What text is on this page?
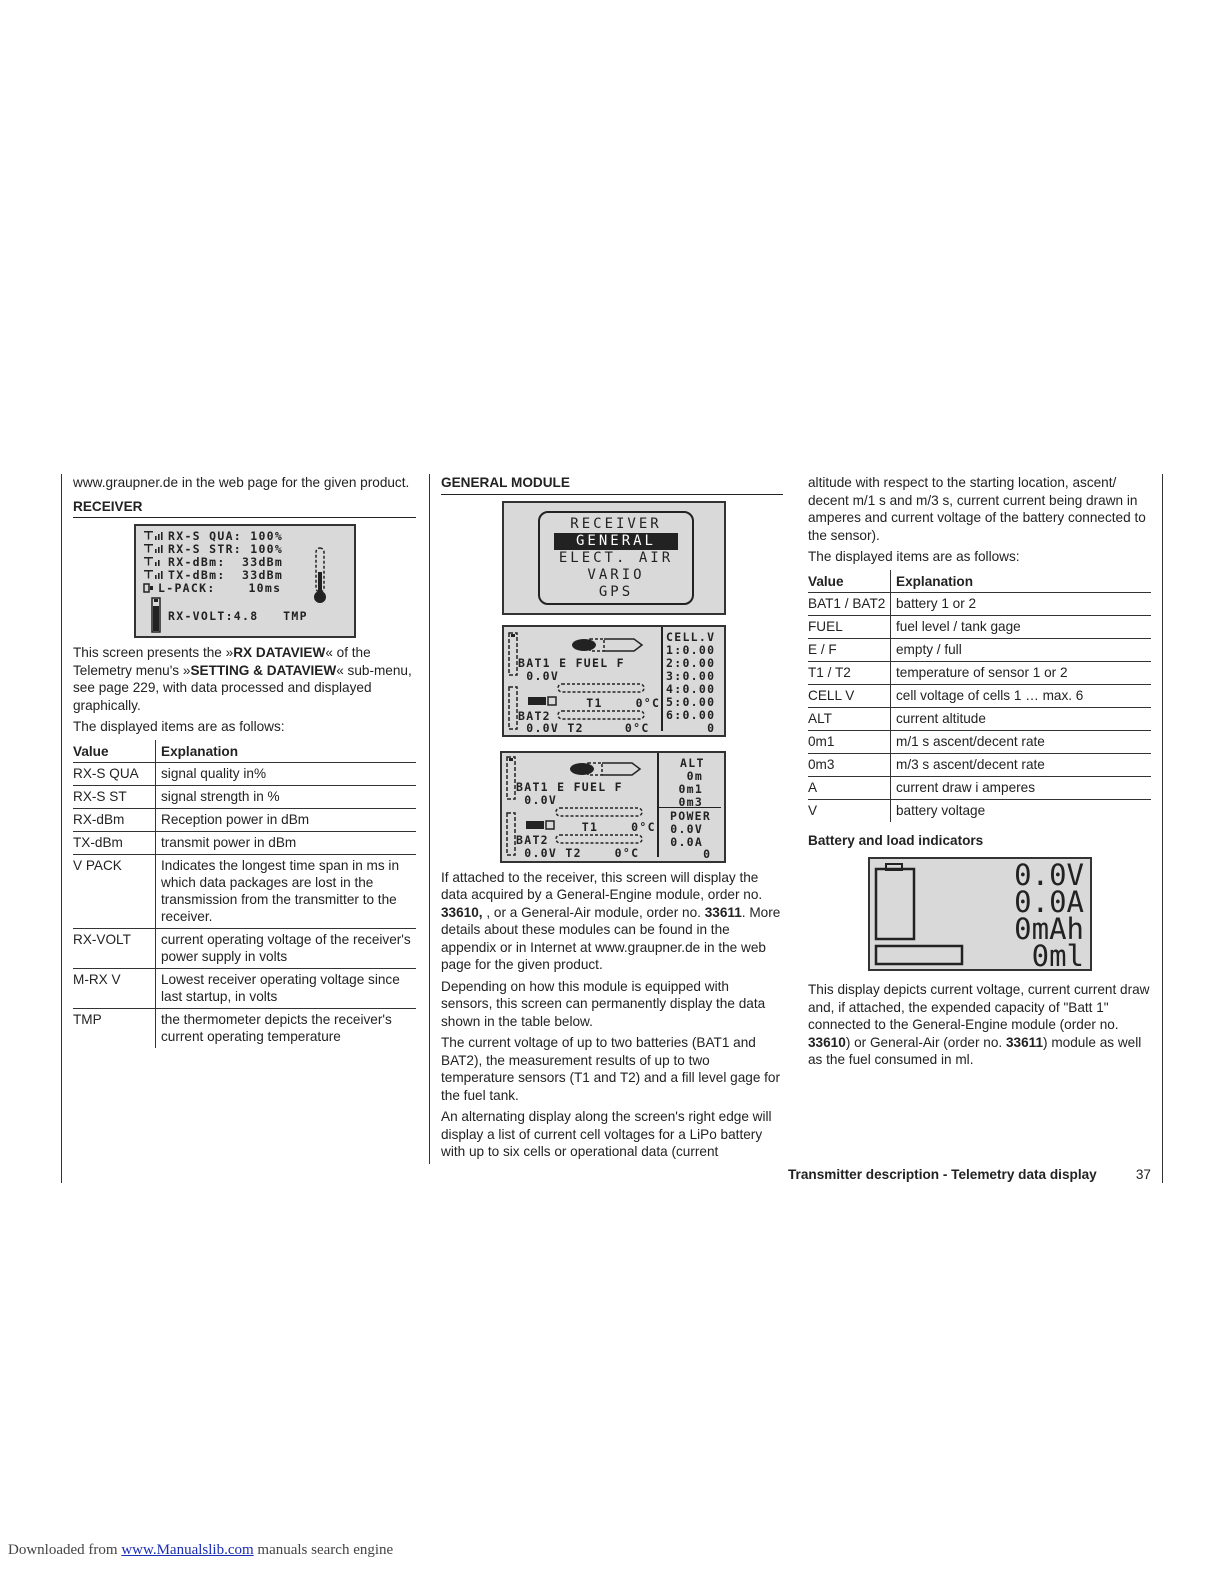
www.graupner.de in the web page for the given product.

RECEIVER
RX-S QUA: 100%
RX-S STR: 100%
RX-dBm:  33dBm
TX-dBm:  33dBm
L-PACK:    10ms
RX-VOLT:4.8   TMP

This screen presents the »RX DATAVIEW« of the Telemetry menu's »SETTING & DATAVIEW« sub-menu, see page 229, with data processed and displayed graphically.

The displayed items are as follows:

Value	Explanation
RX-S QUA	signal quality in%
RX-S ST	signal strength in %
RX-dBm	Reception power in dBm
TX-dBm	transmit power in dBm
V PACK	Indicates the longest time span in ms in which data packages are lost in the transmission from the transmitter to the receiver.
RX-VOLT	current operating voltage of the receiver's power supply in volts
M-RX V	Lowest receiver operating voltage since last startup, in volts
TMP	the thermometer depicts the receiver's current operating temperature
GENERAL MODULE
RECEIVER
GENERAL
ELECT. AIR
VARIO
GPS
BAT1 E FUEL F
0.0V
T1    0°C
BAT2
0.0V T2     0°C
CELL.V
1:0.00
2:0.00
3:0.00
4:0.00
5:0.00
6:0.00
0
BAT1 E FUEL F
0.0V
T1    0°C
BAT2
0.0V T2    0°C
ALT
0m
0m1
0m3
POWER
0.0V
0.0A
0

If attached to the receiver, this screen will display the data acquired by a General-Engine module, order no. 33610, , or a General-Air module, order no. 33611. More details about these modules can be found in the appendix or in Internet at www.graupner.de in the web page for the given product.

Depending on how this module is equipped with sensors, this screen can permanently display the data shown in the table below.

The current voltage of up to two batteries (BAT1 and BAT2), the measurement results of up to two temperature sensors (T1 and T2) and a fill level gage for the fuel tank.

An alternating display along the screen's right edge will display a list of current cell voltages for a LiPo battery with up to six cells or operational data (current

altitude with respect to the starting location, ascent/ decent m/1 s and m/3 s, current current being drawn in amperes and current voltage of the battery connected to the sensor).

The displayed items are as follows:

Value	Explanation
BAT1 / BAT2	battery 1 or 2
FUEL	fuel level / tank gage
E / F	empty / full
T1 / T2	temperature of sensor 1 or 2
CELL V	cell voltage of cells 1 … max. 6
ALT	current altitude
0m1	m/1 s ascent/decent rate
0m3	m/3 s ascent/decent rate
A	current draw i amperes
V	battery voltage

Battery and load indicators

0.0V
0.0A
0mAh
0ml

This display depicts current voltage, current current draw and, if attached, the expended capacity of "Batt 1" connected to the General-Engine module (order no. 33610) or General-Air (order no. 33611) module as well as the fuel consumed in ml.

Transmitter description - Telemetry data display	37
Downloaded from www.Manualslib.com manuals search engine
